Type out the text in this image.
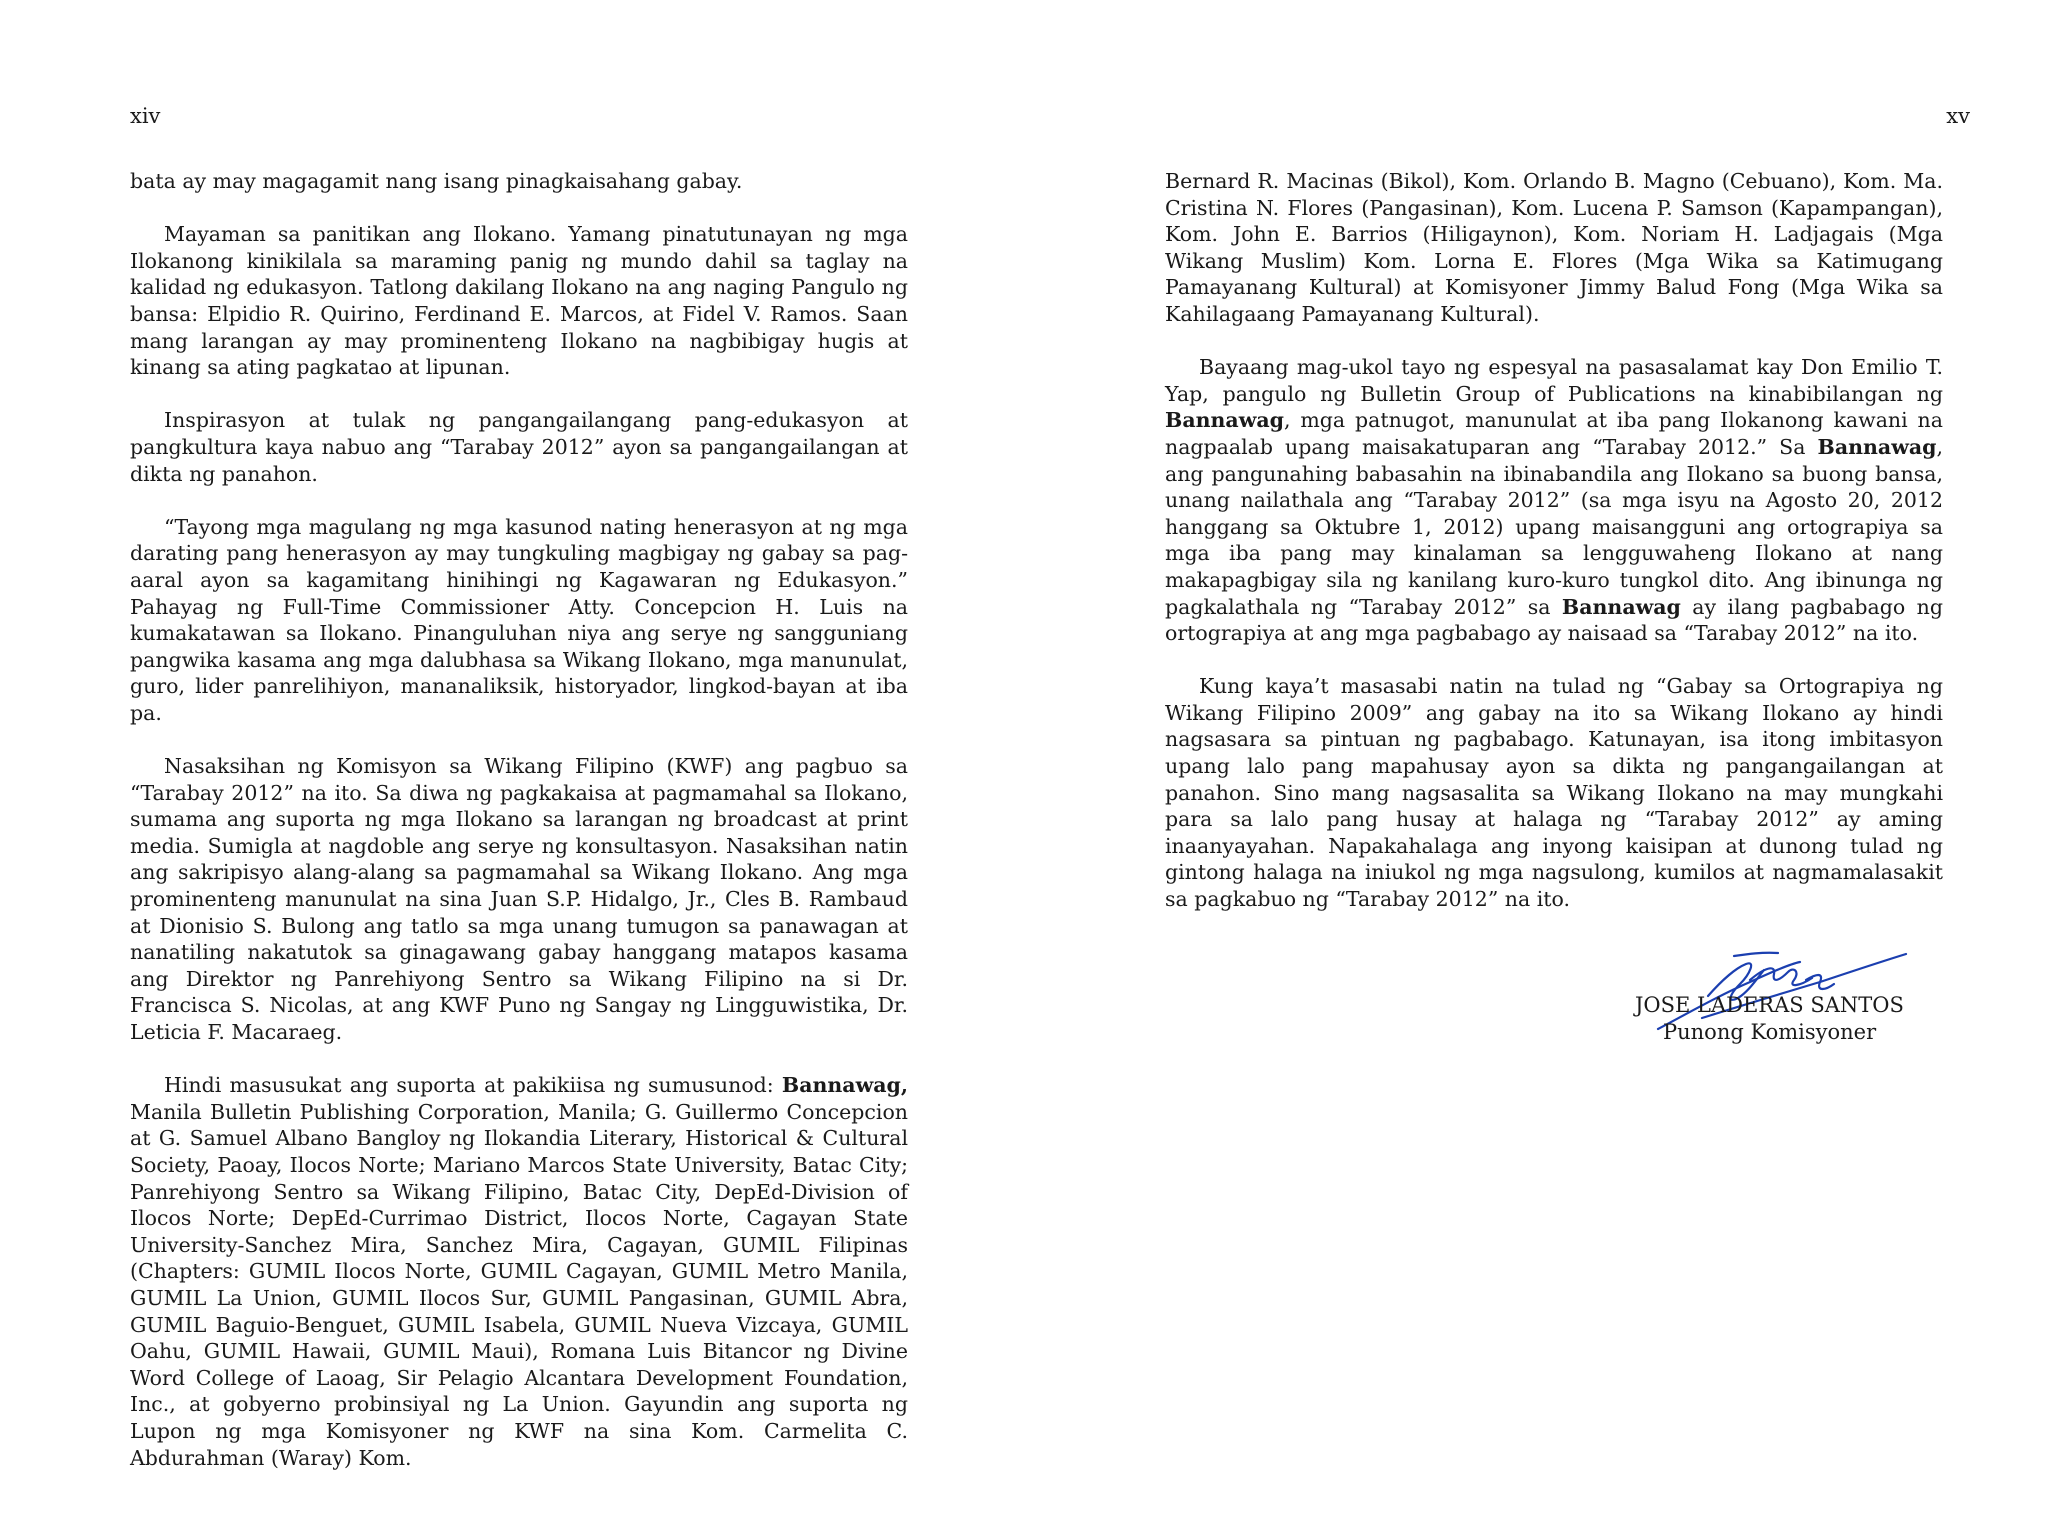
xiv	xv

bata ay may magagamit nang isang pinagkaisahang gabay.

Mayaman sa panitikan ang Ilokano. Yamang pinatutunayan ng mga Ilokanong kinikilala sa maraming panig ng mundo dahil sa taglay na kalidad ng edukasyon. Tatlong dakilang Ilokano na ang naging Pangulo ng bansa: Elpidio R. Quirino, Ferdinand E. Marcos, at Fidel V. Ramos. Saan mang larangan ay may prominenteng Ilokano na nagbibigay hugis at kinang sa ating pagkatao at lipunan.

Inspirasyon at tulak ng pangangailangang pang-edukasyon at pangkultura kaya nabuo ang “Tarabay 2012” ayon sa pangangailangan at dikta ng panahon.

“Tayong mga magulang ng mga kasunod nating henerasyon at ng mga darating pang henerasyon ay may tungkuling magbigay ng gabay sa pag-aaral ayon sa kagamitang hinihingi ng Kagawaran ng Edukasyon.” Pahayag ng Full-Time Commissioner Atty. Concepcion H. Luis na kumakatawan sa Ilokano. Pinanguluhan niya ang serye ng sangguniang pangwika kasama ang mga dalubhasa sa Wikang Ilokano, mga manunulat, guro, lider panrelihiyon, mananaliksik, historyador, lingkod-bayan at iba pa.

Nasaksihan ng Komisyon sa Wikang Filipino (KWF) ang pagbuo sa “Tarabay 2012” na ito. Sa diwa ng pagkakaisa at pagmamahal sa Ilokano, sumama ang suporta ng mga Ilokano sa larangan ng broadcast at print media. Sumigla at nagdoble ang serye ng konsultasyon. Nasaksihan natin ang sakripisyo alang-alang sa pagmamahal sa Wikang Ilokano. Ang mga prominenteng manunulat na sina Juan S.P. Hidalgo, Jr., Cles B. Rambaud at Dionisio S. Bulong ang tatlo sa mga unang tumugon sa panawagan at nanatiling nakatutok sa ginagawang gabay hanggang matapos kasama ang Direktor ng Panrehiyong Sentro sa Wikang Filipino na si Dr. Francisca S. Nicolas, at ang KWF Puno ng Sangay ng Lingguwistika, Dr. Leticia F. Macaraeg.

Hindi masusukat ang suporta at pakikiisa ng sumusunod: Bannawag, Manila Bulletin Publishing Corporation, Manila; G. Guillermo Concepcion at G. Samuel Albano Bangloy ng Ilokandia Literary, Historical & Cultural Society, Paoay, Ilocos Norte; Mariano Marcos State University, Batac City; Panrehiyong Sentro sa Wikang Filipino, Batac City, DepEd-Division of Ilocos Norte; DepEd-Currimao District, Ilocos Norte, Cagayan State University-Sanchez Mira, Sanchez Mira, Cagayan, GUMIL Filipinas (Chapters: GUMIL Ilocos Norte, GUMIL Cagayan, GUMIL Metro Manila, GUMIL La Union, GUMIL Ilocos Sur, GUMIL Pangasinan, GUMIL Abra, GUMIL Baguio-Benguet, GUMIL Isabela, GUMIL Nueva Vizcaya, GUMIL Oahu, GUMIL Hawaii, GUMIL Maui), Romana Luis Bitancor ng Divine Word College of Laoag, Sir Pelagio Alcantara Development Foundation, Inc., at gobyerno probinsiyal ng La Union. Gayundin ang suporta ng Lupon ng mga Komisyoner ng KWF na sina Kom. Carmelita C. Abdurahman (Waray) Kom.

Bernard R. Macinas (Bikol), Kom. Orlando B. Magno (Cebuano), Kom. Ma. Cristina N. Flores (Pangasinan), Kom. Lucena P. Samson (Kapampangan), Kom. John E. Barrios (Hiligaynon), Kom. Noriam H. Ladjagais (Mga Wikang Muslim) Kom. Lorna E. Flores (Mga Wika sa Katimugang Pamayanang Kultural) at Komisyoner Jimmy Balud Fong (Mga Wika sa Kahilagaang Pamayanang Kultural).

Bayaang mag-ukol tayo ng espesyal na pasasalamat kay Don Emilio T. Yap, pangulo ng Bulletin Group of Publications na kinabibilangan ng Bannawag, mga patnugot, manunulat at iba pang Ilokanong kawani na nagpaalab upang maisakatuparan ang “Tarabay 2012.” Sa Bannawag, ang pangunahing babasahin na ibinabandila ang Ilokano sa buong bansa, unang nailathala ang “Tarabay 2012” (sa mga isyu na Agosto 20, 2012 hanggang sa Oktubre 1, 2012) upang maisangguni ang ortograpiya sa mga iba pang may kinalaman sa lengguwaheng Ilokano at nang makapagbigay sila ng kanilang kuro-kuro tungkol dito. Ang ibinunga ng pagkalathala ng “Tarabay 2012” sa Bannawag ay ilang pagbabago ng ortograpiya at ang mga pagbabago ay naisaad sa “Tarabay 2012” na ito.

Kung kaya’t masasabi natin na tulad ng “Gabay sa Ortograpiya ng Wikang Filipino 2009” ang gabay na ito sa Wikang Ilokano ay hindi nagsasara sa pintuan ng pagbabago. Katunayan, isa itong imbitasyon upang lalo pang mapahusay ayon sa dikta ng pangangailangan at panahon. Sino mang nagsasalita sa Wikang Ilokano na may mungkahi para sa lalo pang husay at halaga ng “Tarabay 2012” ay aming inaanyayahan. Napakahalaga ang inyong kaisipan at dunong tulad ng gintong halaga na iniukol ng mga nagsulong, kumilos at nagmamalasakit sa pagkabuo ng “Tarabay 2012” na ito.

JOSE LADERAS SANTOS
Punong Komisyoner
